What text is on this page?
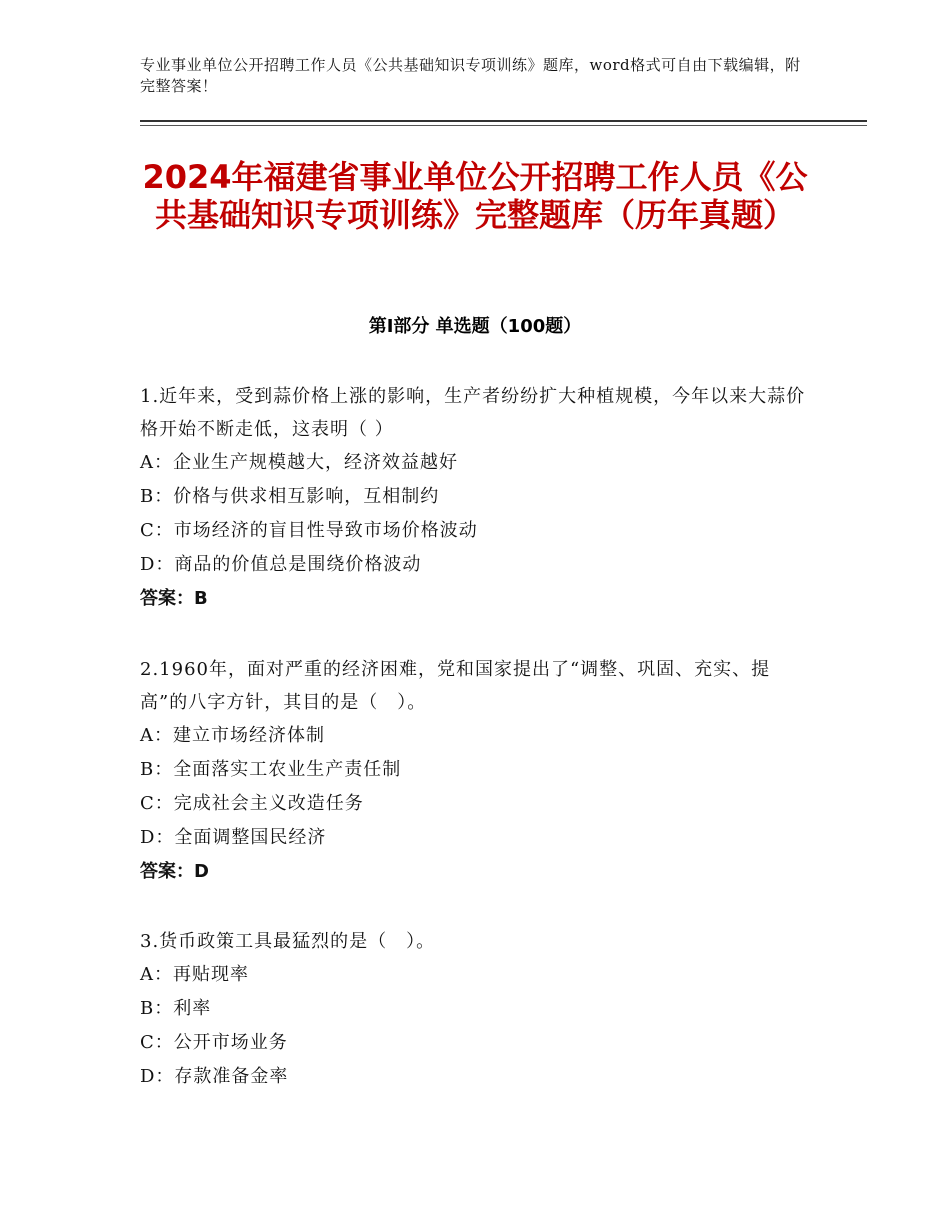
专业事业单位公开招聘工作人员《公共基础知识专项训练》题库，word格式可自由下载编辑，附完整答案！
2024年福建省事业单位公开招聘工作人员《公共基础知识专项训练》完整题库（历年真题）
第Ⅰ部分 单选题（100题）
1.近年来，受到蒜价格上涨的影响，生产者纷纷扩大种植规模，今年以来大蒜价格开始不断走低，这表明（ ）
A：企业生产规模越大，经济效益越好
B：价格与供求相互影响，互相制约
C：市场经济的盲目性导致市场价格波动
D：商品的价值总是围绕价格波动
答案：B
2.1960年，面对严重的经济困难，党和国家提出了“调整、巩固、充实、提高”的八字方针，其目的是（　）。
A：建立市场经济体制
B：全面落实工农业生产责任制
C：完成社会主义改造任务
D：全面调整国民经济
答案：D
3.货币政策工具最猛烈的是（　）。
A：再贴现率
B：利率
C：公开市场业务
D：存款准备金率
